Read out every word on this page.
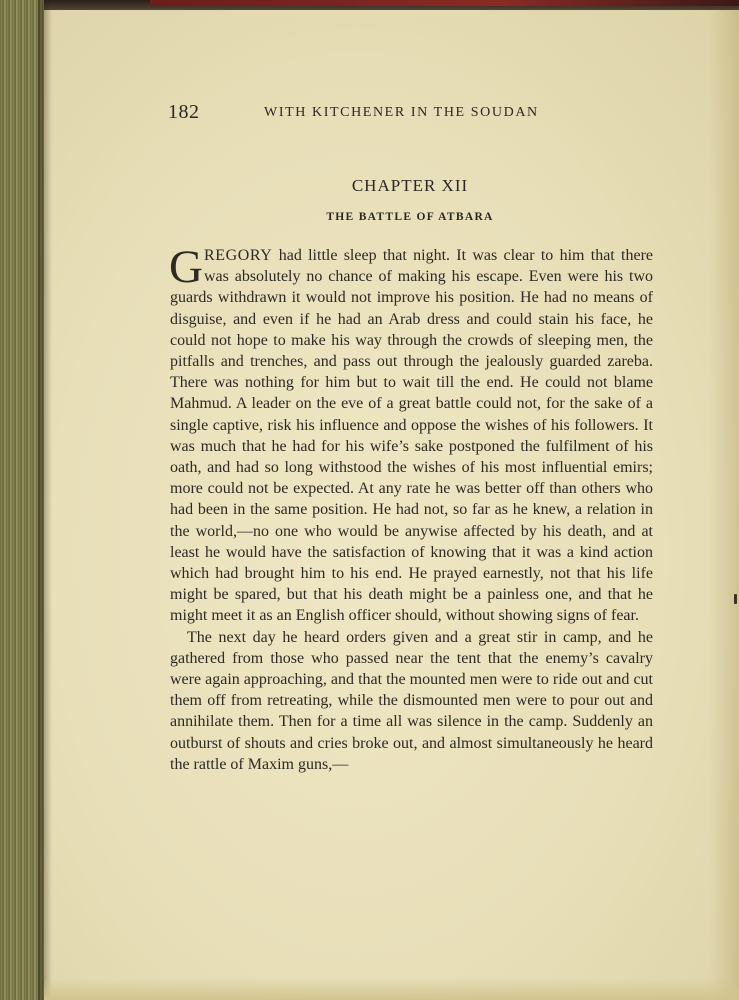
182	WITH KITCHENER IN THE SOUDAN
CHAPTER XII
THE BATTLE OF ATBARA

GREGORY had little sleep that night. It was clear to him that there was absolutely no chance of making his escape. Even were his two guards withdrawn it would not improve his position. He had no means of disguise, and even if he had an Arab dress and could stain his face, he could not hope to make his way through the crowds of sleeping men, the pitfalls and trenches, and pass out through the jealously guarded zareba. There was nothing for him but to wait till the end. He could not blame Mahmud. A leader on the eve of a great battle could not, for the sake of a single captive, risk his influence and oppose the wishes of his followers. It was much that he had for his wife’s sake postponed the fulfilment of his oath, and had so long withstood the wishes of his most influential emirs; more could not be expected. At any rate he was better off than others who had been in the same position. He had not, so far as he knew, a relation in the world,—no one who would be anywise affected by his death, and at least he would have the satisfaction of knowing that it was a kind action which had brought him to his end. He prayed earnestly, not that his life might be spared, but that his death might be a painless one, and that he might meet it as an English officer should, without showing signs of fear.

The next day he heard orders given and a great stir in camp, and he gathered from those who passed near the tent that the enemy’s cavalry were again approaching, and that the mounted men were to ride out and cut them off from retreating, while the dismounted men were to pour out and annihilate them. Then for a time all was silence in the camp. Suddenly an outburst of shouts and cries broke out, and almost simultaneously he heard the rattle of Maxim guns,—
